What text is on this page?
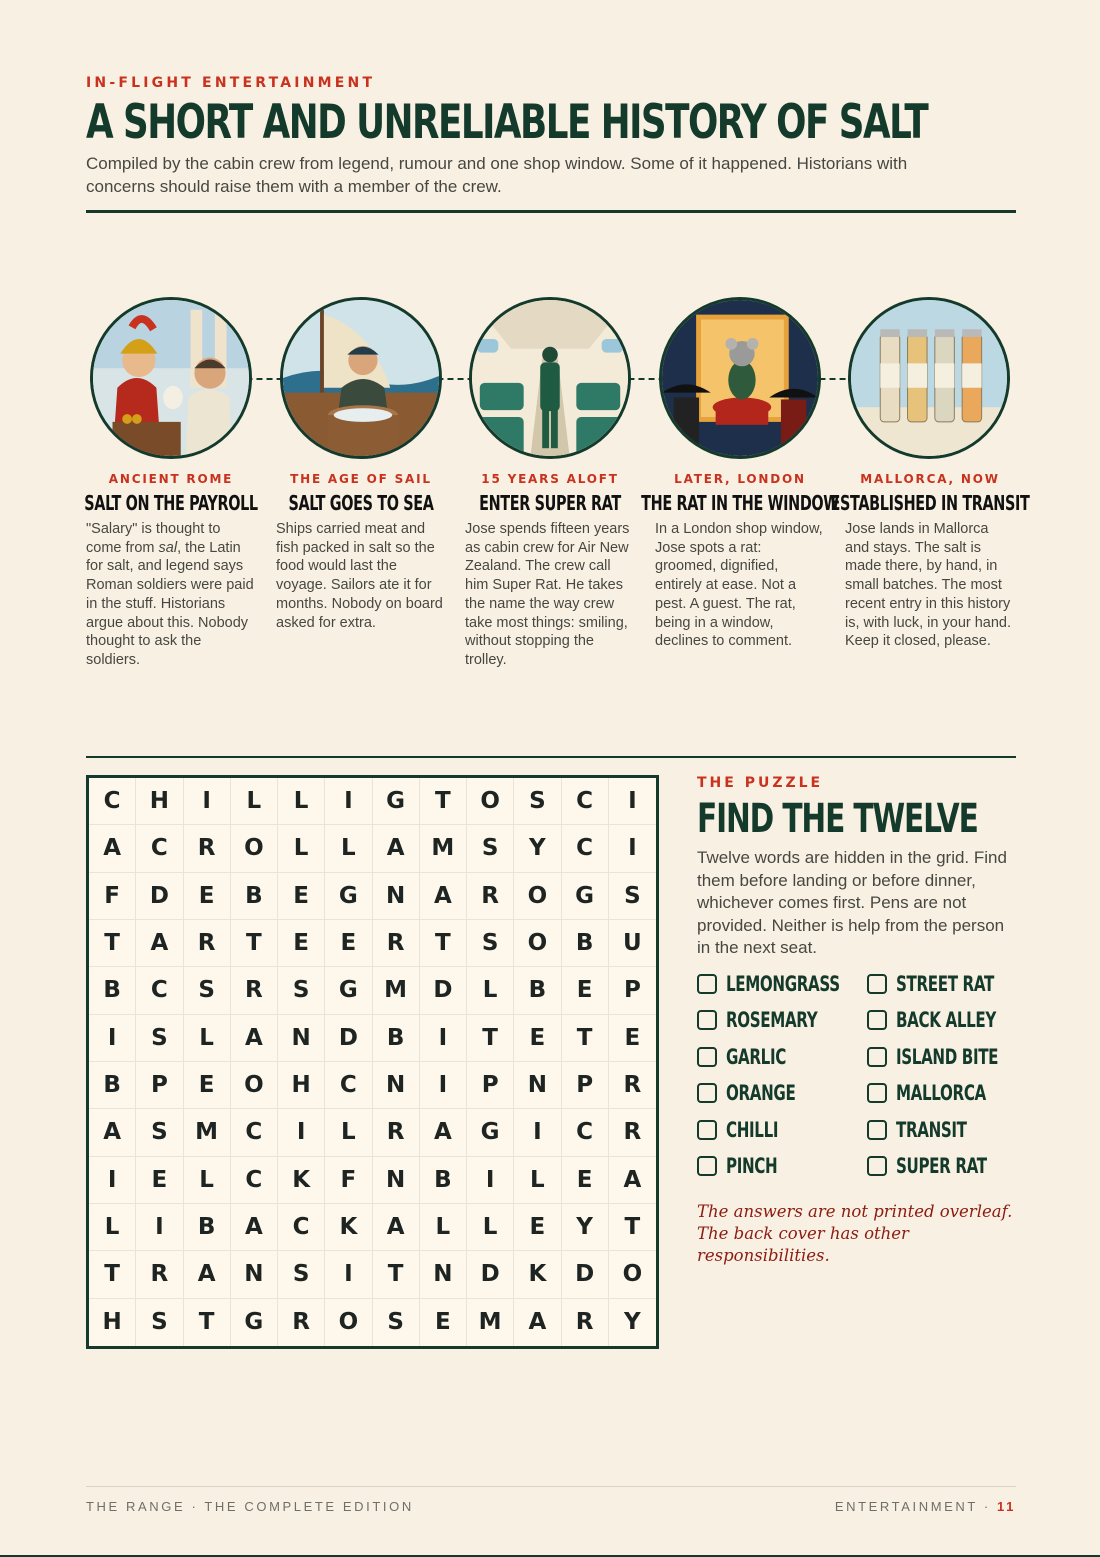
IN-FLIGHT ENTERTAINMENT
A SHORT AND UNRELIABLE HISTORY OF SALT

Compiled by the cabin crew from legend, rumour and one shop window. Some of it happened. Historians with concerns should raise them with a member of the crew.

ANCIENT ROME
SALT ON THE PAYROLL

"Salary" is thought to come from sal, the Latin for salt, and legend says Roman soldiers were paid in the stuff. Historians argue about this. Nobody thought to ask the soldiers.

THE AGE OF SAIL
SALT GOES TO SEA

Ships carried meat and fish packed in salt so the food would last the voyage. Sailors ate it for months. Nobody on board asked for extra.

15 YEARS ALOFT
ENTER SUPER RAT

Jose spends fifteen years as cabin crew for Air New Zealand. The crew call him Super Rat. He takes the name the way crew take most things: smiling, without stopping the trolley.

LATER, LONDON
THE RAT IN THE WINDOW

In a London shop window, Jose spots a rat: groomed, dignified, entirely at ease. Not a pest. A guest. The rat, being in a window, declines to comment.

MALLORCA, NOW
ESTABLISHED IN TRANSIT

Jose lands in Mallorca and stays. The salt is made there, by hand, in small batches. The most recent entry in this history is, with luck, in your hand. Keep it closed, please.

C	H	I	L	L	I	G	T	O	S	C	I
A	C	R	O	L	L	A	M	S	Y	C	I
F	D	E	B	E	G	N	A	R	O	G	S
T	A	R	T	E	E	R	T	S	O	B	U
B	C	S	R	S	G	M	D	L	B	E	P
I	S	L	A	N	D	B	I	T	E	T	E
B	P	E	O	H	C	N	I	P	N	P	R
A	S	M	C	I	L	R	A	G	I	C	R
I	E	L	C	K	F	N	B	I	L	E	A
L	I	B	A	C	K	A	L	L	E	Y	T
T	R	A	N	S	I	T	N	D	K	D	O
H	S	T	G	R	O	S	E	M	A	R	Y
THE PUZZLE
FIND THE TWELVE

Twelve words are hidden in the grid. Find them before landing or before dinner, whichever comes first. Pens are not provided. Neither is help from the person in the next seat.

LEMONGRASS	STREET RAT
ROSEMARY	BACK ALLEY
GARLIC	ISLAND BITE
ORANGE	MALLORCA
CHILLI	TRANSIT
PINCH	SUPER RAT

The answers are not printed overleaf. The back cover has other responsibilities.

THE RANGE · THE COMPLETE EDITION	ENTERTAINMENT · 11
